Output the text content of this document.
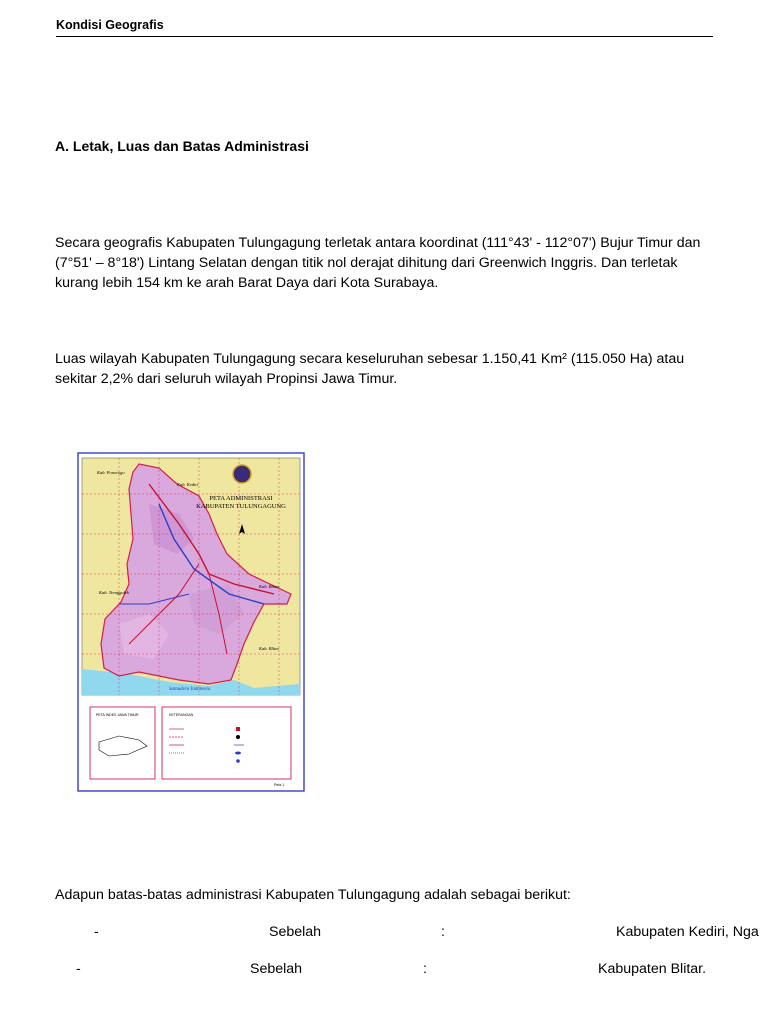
Kondisi Geografis
A. Letak, Luas dan Batas Administrasi
Secara geografis Kabupaten Tulungagung terletak antara koordinat (111°43' - 112°07') Bujur Timur dan (7°51' – 8°18') Lintang Selatan dengan titik nol derajat dihitung dari Greenwich Inggris. Dan terletak kurang lebih 154 km ke arah Barat Daya dari Kota Surabaya.
Luas wilayah Kabupaten Tulungagung secara keseluruhan sebesar 1.150,41 Km² (115.050 Ha) atau sekitar 2,2% dari seluruh wilayah Propinsi Jawa Timur.
PETA ADMINISTRASI
KABUPATEN TULUNGAGUNG
Kab. Ponorogo
Kab. Kediri
Kab. Trenggalek
Kab. Blitar
Kab. Blitar
Samudera Indonesia
PETA INDEX JAWA TIMUR	KETERANGAN
Peta 1
Adapun batas-batas administrasi Kabupaten Tulungagung adalah sebagai berikut:
-	Sebelah	:	Kabupaten Kediri, Nga
-	Sebelah	:	Kabupaten Blitar.
